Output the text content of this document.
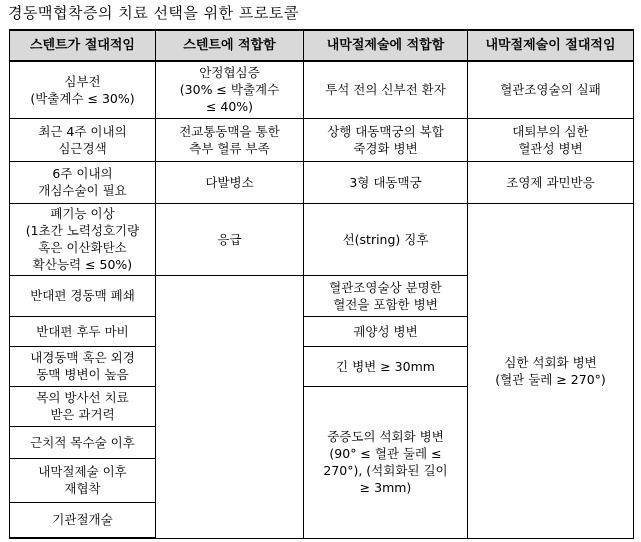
경동맥협착증의 치료 선택을 위한 프로토콜
스텐트가 절대적임	스텐트에 적합함	내막절제술에 적합함	내막절제술이 절대적임

심부전
(박출계수 ≤ 30%)	안정협심증
(30% ≤ 박출계수
≤ 40%)	투석 전의 신부전 환자	혈관조영술의 실패

최근 4주 이내의
심근경색	전교통동맥을 통한
측부 혈류 부족	상행 대동맥궁의 복합
죽경화 병변	대퇴부의 심한
혈관성 병변

6주 이내의
개심수술이 필요	다발병소	3형 대동맥궁	조영제 과민반응

폐기능 이상
(1초간 노력성호기량
혹은 이산화탄소
확산능력 ≤ 50%)	응급	선(string) 징후	심한 석회화 병변
(혈관 둘레 ≥ 270°)

반대편 경동맥 폐쇄		혈관조영술상 분명한
혈전을 포함한 병변	

반대편 후두 마비		궤양성 병변	

내경동맥 혹은 외경
동맥 병변이 높음		긴 병변 ≥ 30mm	

목의 방사선 치료
받은 과거력		중증도의 석회화 병변
(90° ≤ 혈관 둘레 ≤
270°), (석회화된 길이
≥ 3mm)	

근치적 목수술 이후			

내막절제술 이후
재협착			

기관절개술			
